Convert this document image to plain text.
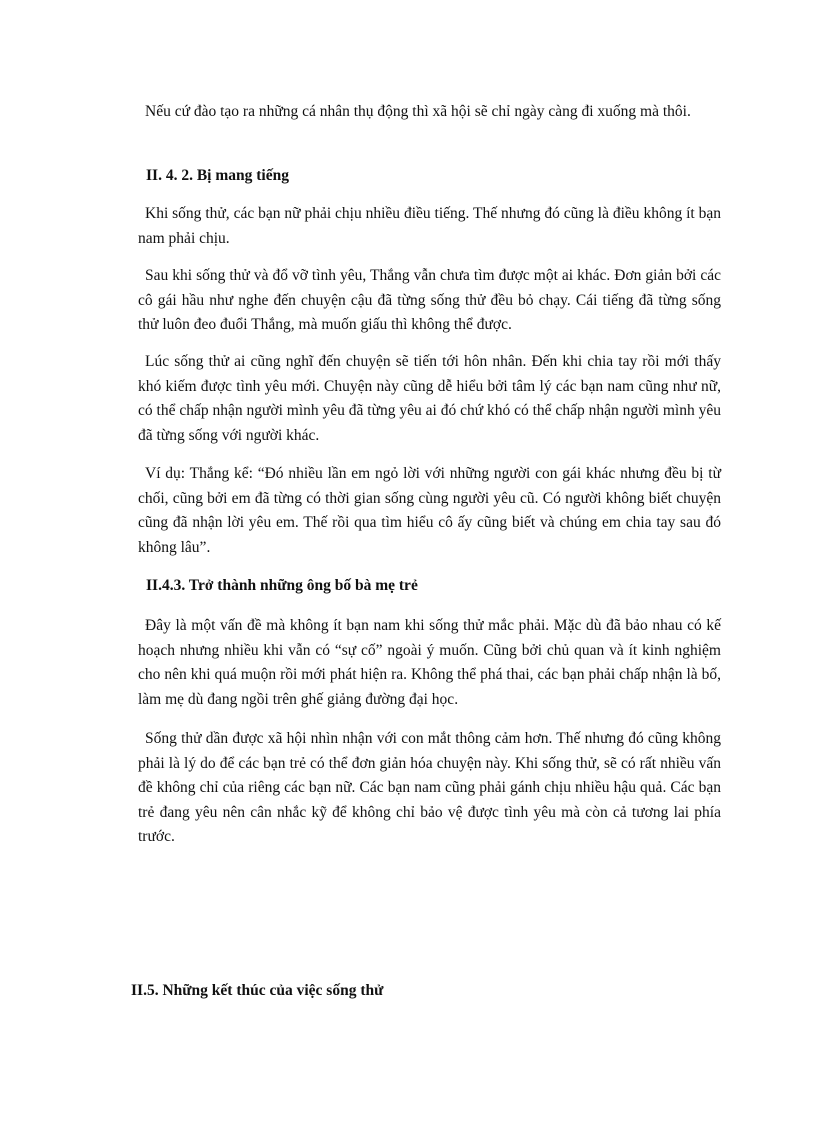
Nếu cứ đào tạo ra những cá nhân thụ động thì xã hội sẽ chỉ ngày càng đi xuống mà thôi.

II. 4. 2. Bị mang tiếng

Khi sống thử, các bạn nữ phải chịu nhiều điều tiếng. Thế nhưng đó cũng là điều không ít bạn nam phải chịu.

Sau khi sống thử và đổ vỡ tình yêu, Thắng vẫn chưa tìm được một ai khác. Đơn giản bởi các cô gái hầu như nghe đến chuyện cậu đã từng sống thử đều bỏ chạy. Cái tiếng đã từng sống thử luôn đeo đuổi Thắng, mà muốn giấu thì không thể được.

Lúc sống thử ai cũng nghĩ đến chuyện sẽ tiến tới hôn nhân. Đến khi chia tay rồi mới thấy khó kiếm được tình yêu mới. Chuyện này cũng dễ hiểu bởi tâm lý các bạn nam cũng như nữ, có thể chấp nhận người mình yêu đã từng yêu ai đó chứ khó có thể chấp nhận người mình yêu đã từng sống với người khác.

Ví dụ: Thắng kể: “Đó nhiều lần em ngỏ lời với những người con gái khác nhưng đều bị từ chối, cũng bởi em đã từng có thời gian sống cùng người yêu cũ. Có người không biết chuyện cũng đã nhận lời yêu em. Thế rồi qua tìm hiểu cô ấy cũng biết và chúng em chia tay sau đó không lâu”.

II.4.3. Trở thành những ông bố bà mẹ trẻ

Đây là một vấn đề mà không ít bạn nam khi sống thử mắc phải. Mặc dù đã bảo nhau có kế hoạch nhưng nhiều khi vẫn có “sự cố” ngoài ý muốn. Cũng bởi chủ quan và ít kinh nghiệm cho nên khi quá muộn rồi mới phát hiện ra. Không thể phá thai, các bạn phải chấp nhận là bố, làm mẹ dù đang ngồi trên ghế giảng đường đại học.

Sống thử dần được xã hội nhìn nhận với con mắt thông cảm hơn. Thế nhưng đó cũng không phải là lý do để các bạn trẻ có thể đơn giản hóa chuyện này. Khi sống thử, sẽ có rất nhiều vấn đề không chỉ của riêng các bạn nữ. Các bạn nam cũng phải gánh chịu nhiều hậu quả. Các bạn trẻ đang yêu nên cân nhắc kỹ để không chỉ bảo vệ được tình yêu mà còn cả tương lai phía trước.

II.5. Những kết thúc của việc sống thử
